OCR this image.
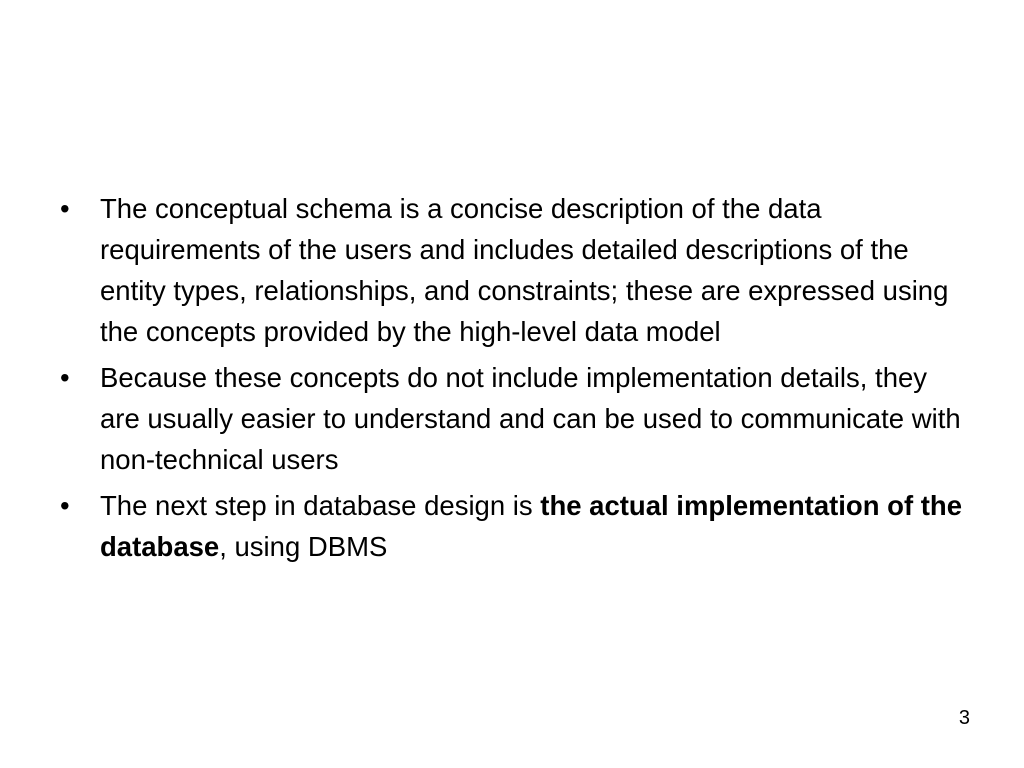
•	The conceptual schema is a concise description of the data requirements of the users and includes detailed descriptions of the entity types, relationships, and constraints; these are expressed using the concepts provided by the high-level data model
•	Because these concepts do not include implementation details, they are usually easier to understand and can be used to communicate with non-technical users
•	The next step in database design is the actual implementation of the database, using DBMS
3
